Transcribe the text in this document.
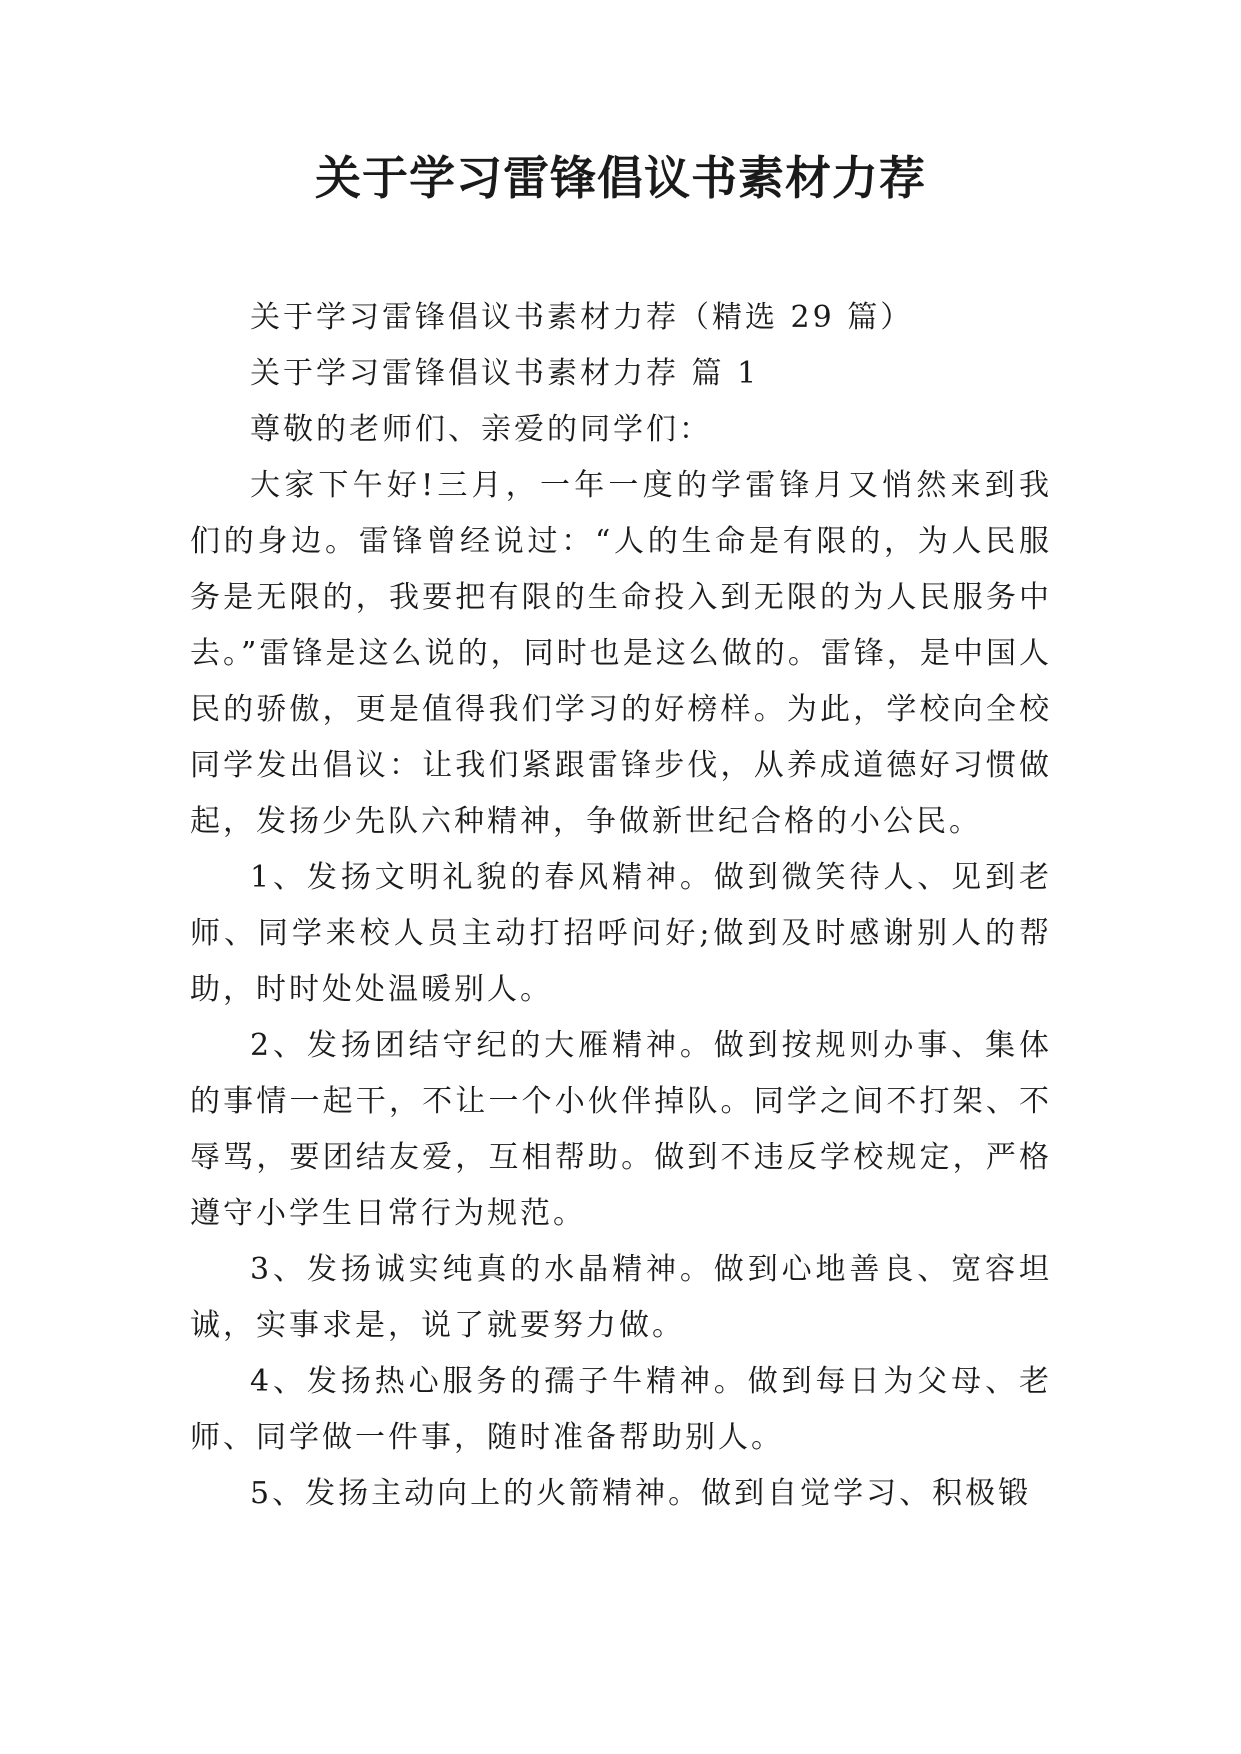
关于学习雷锋倡议书素材力荐

关于学习雷锋倡议书素材力荐（精选 29 篇）

关于学习雷锋倡议书素材力荐 篇 1

尊敬的老师们、亲爱的同学们：

大家下午好!三月，一年一度的学雷锋月又悄然来到我们的身边。雷锋曾经说过：“人的生命是有限的，为人民服务是无限的，我要把有限的生命投入到无限的为人民服务中去。”雷锋是这么说的，同时也是这么做的。雷锋，是中国人民的骄傲，更是值得我们学习的好榜样。为此，学校向全校同学发出倡议：让我们紧跟雷锋步伐，从养成道德好习惯做起，发扬少先队六种精神，争做新世纪合格的小公民。

1、发扬文明礼貌的春风精神。做到微笑待人、见到老师、同学来校人员主动打招呼问好;做到及时感谢别人的帮助，时时处处温暖别人。

2、发扬团结守纪的大雁精神。做到按规则办事、集体的事情一起干，不让一个小伙伴掉队。同学之间不打架、不辱骂，要团结友爱，互相帮助。做到不违反学校规定，严格遵守小学生日常行为规范。

3、发扬诚实纯真的水晶精神。做到心地善良、宽容坦诚，实事求是，说了就要努力做。

4、发扬热心服务的孺子牛精神。做到每日为父母、老师、同学做一件事，随时准备帮助别人。

5、发扬主动向上的火箭精神。做到自觉学习、积极锻
